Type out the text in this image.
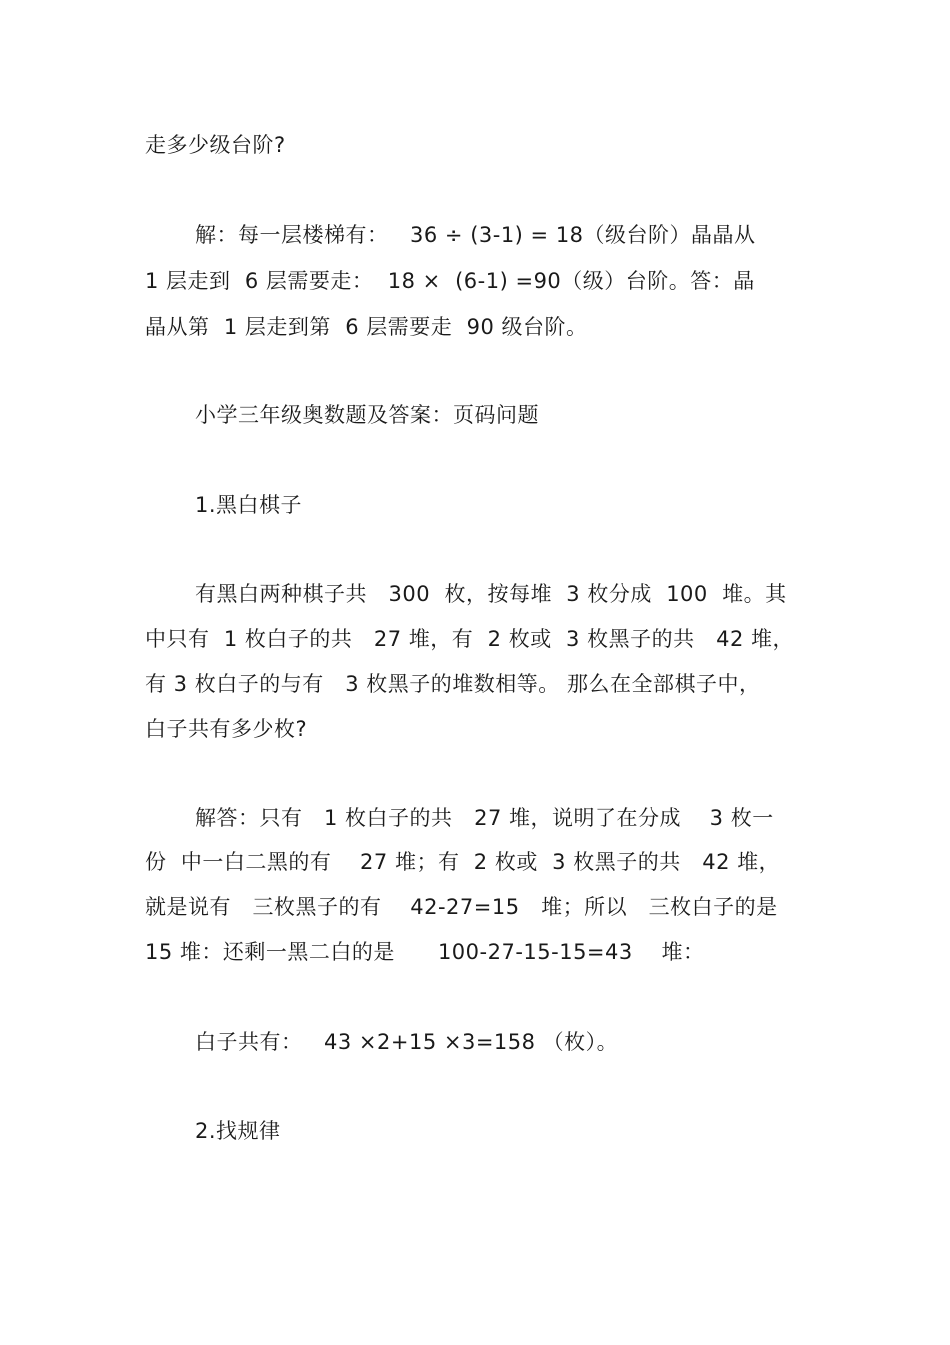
走多少级台阶?
解：每一层楼梯有：   36 ÷ (3-1) = 18（级台阶）晶晶从
1 层走到  6 层需要走：  18 ×  (6-1) =90（级）台阶。答：晶
晶从第  1 层走到第  6 层需要走  90 级台阶。
小学三年级奥数题及答案：页码问题
1.黑白棋子
有黑白两种棋子共   300  枚，按每堆  3 枚分成  100  堆。其
中只有  1 枚白子的共   27 堆，有  2 枚或  3 枚黑子的共   42 堆，
有 3 枚白子的与有   3 枚黑子的堆数相等。 那么在全部棋子中，
白子共有多少枚?
解答：只有   1 枚白子的共   27 堆，说明了在分成    3 枚一
份  中一白二黑的有    27 堆；有  2 枚或  3 枚黑子的共   42 堆，
就是说有   三枚黑子的有    42-27=15   堆；所以   三枚白子的是
15 堆：还剩一黑二白的是      100-27-15-15=43    堆：
白子共有：   43 ×2+15 ×3=158 （枚）。
2.找规律
